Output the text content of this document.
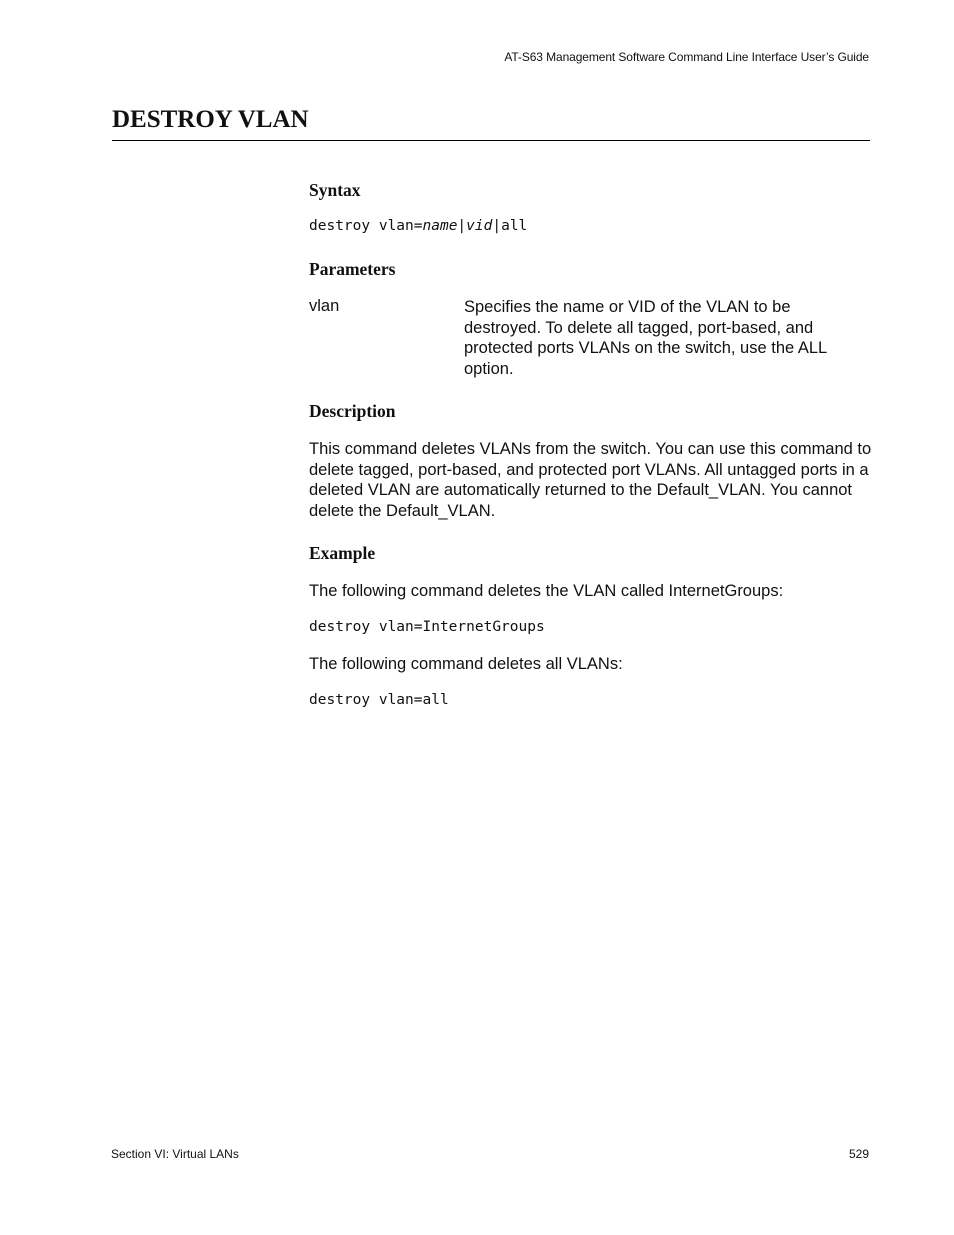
AT-S63 Management Software Command Line Interface User’s Guide
DESTROY VLAN
Syntax
destroy vlan=name|vid|all
Parameters
vlan	Specifies the name or VID of the VLAN to be destroyed. To delete all tagged, port-based, and protected ports VLANs on the switch, use the ALL option.
Description

This command deletes VLANs from the switch. You can use this command to delete tagged, port-based, and protected port VLANs. All untagged ports in a deleted VLAN are automatically returned to the Default_VLAN. You cannot delete the Default_VLAN.

Example

The following command deletes the VLAN called InternetGroups:

destroy vlan=InternetGroups

The following command deletes all VLANs:

destroy vlan=all
Section VI: Virtual LANs	529
